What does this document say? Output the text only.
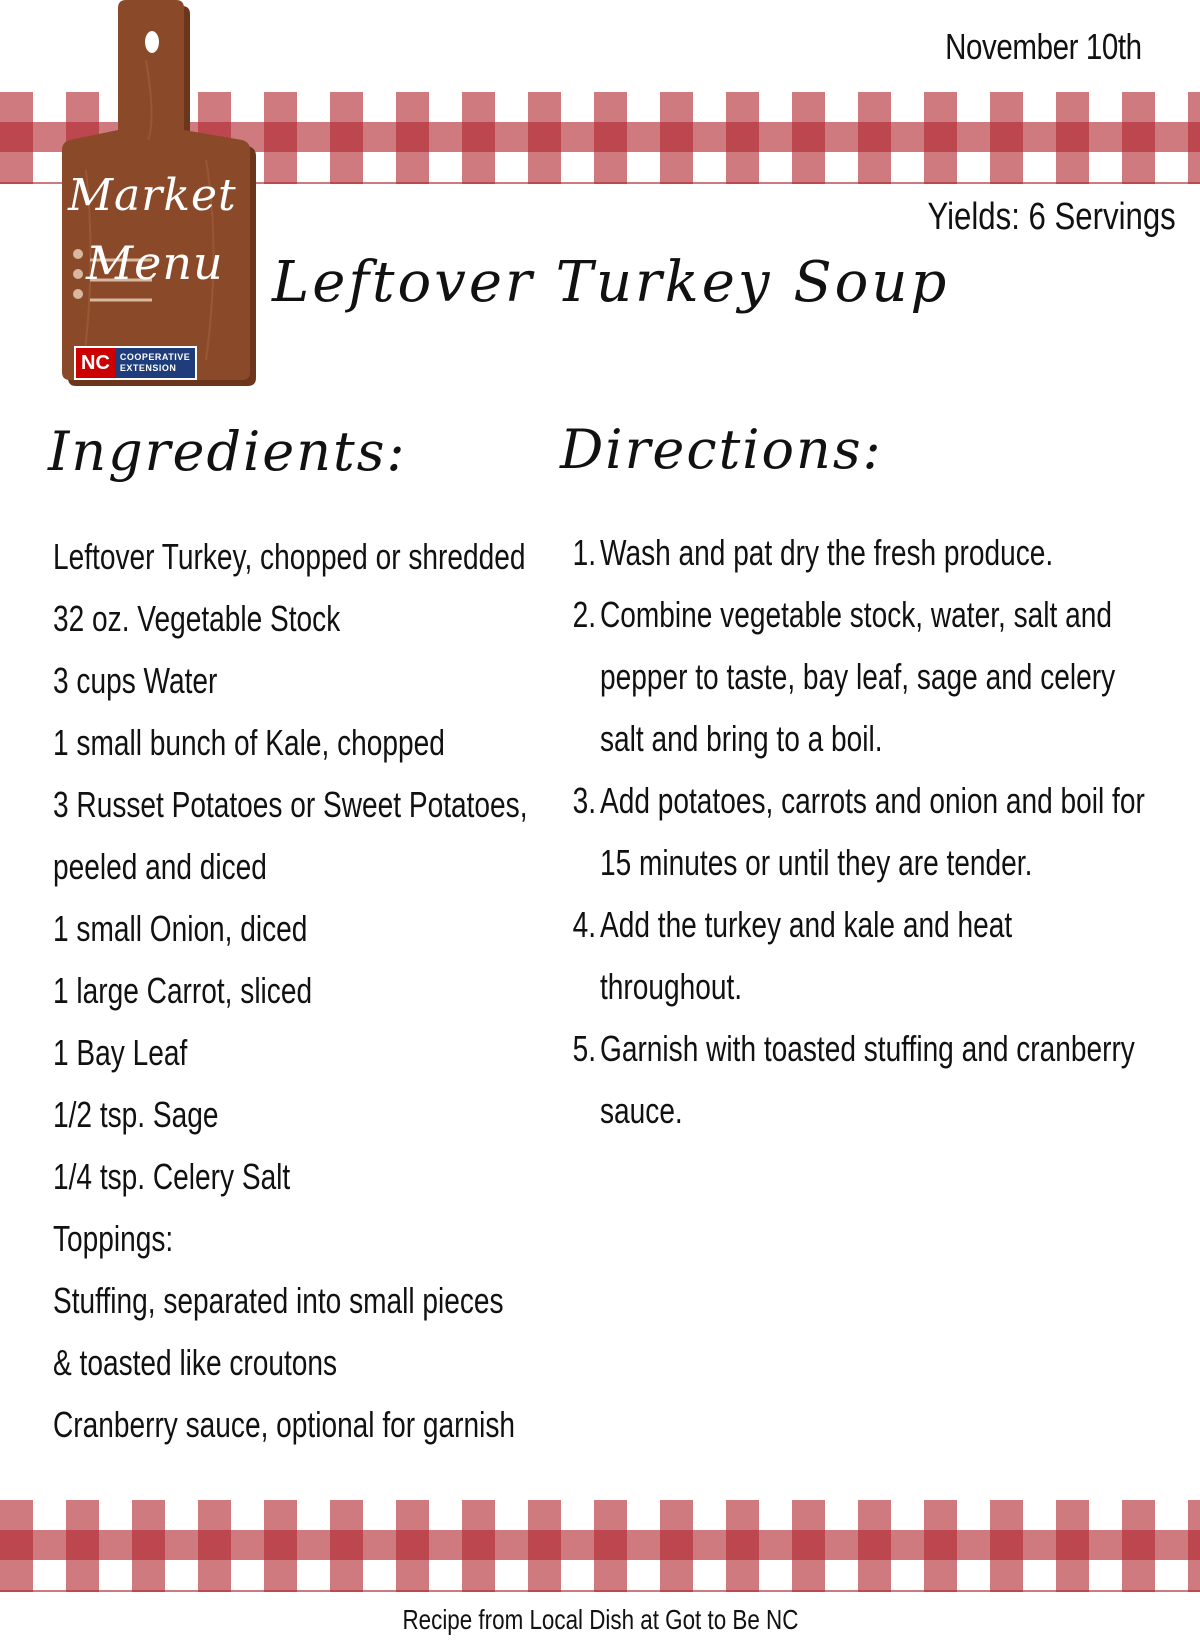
November 10th
Yields: 6 Servings
Market
Menu
NC	COOPERATIVE
EXTENSION
Leftover Turkey Soup
Ingredients:	Directions:
Leftover Turkey, chopped or shredded
32 oz. Vegetable Stock
3 cups Water
1 small bunch of Kale, chopped
3 Russet Potatoes or Sweet Potatoes,
peeled and diced
1 small Onion, diced
1 large Carrot, sliced
1 Bay Leaf
1/2 tsp. Sage
1/4 tsp. Celery Salt
Toppings:
Stuffing, separated into small pieces
& toasted like croutons
Cranberry sauce, optional for garnish
1. Wash and pat dry the fresh produce.
2. Combine vegetable stock, water, salt and pepper to taste, bay leaf, sage and celery salt and bring to a boil.
3. Add potatoes, carrots and onion and boil for 15 minutes or until they are tender.
4. Add the turkey and kale and heat throughout.
5. Garnish with toasted stuffing and cranberry sauce.
Recipe from Local Dish at Got to Be NC
